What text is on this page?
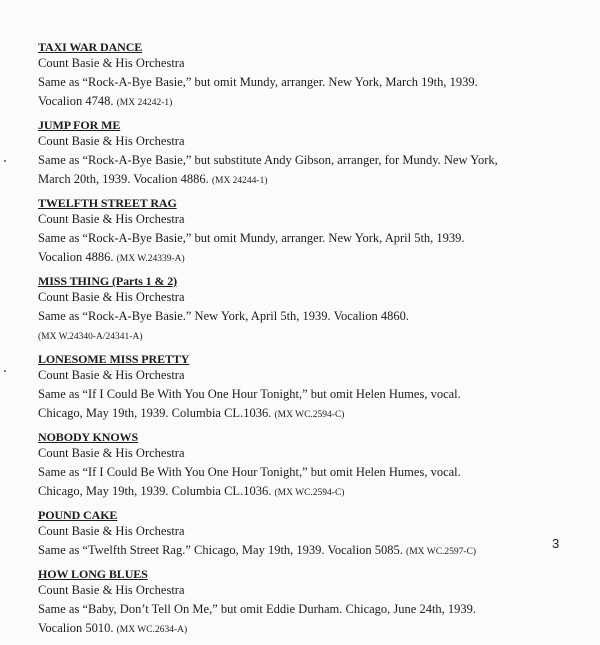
TAXI WAR DANCE
Count Basie & His Orchestra
Same as “Rock-A-Bye Basie,” but omit Mundy, arranger. New York, March 19th, 1939.
Vocalion 4748. (MX 24242-1)
JUMP FOR ME
Count Basie & His Orchestra
Same as “Rock-A-Bye Basie,” but substitute Andy Gibson, arranger, for Mundy. New York,
March 20th, 1939. Vocalion 4886. (MX 24244-1)
TWELFTH STREET RAG
Count Basie & His Orchestra
Same as “Rock-A-Bye Basie,” but omit Mundy, arranger. New York, April 5th, 1939.
Vocalion 4886. (MX W.24339-A)
MISS THING (Parts 1 & 2)
Count Basie & His Orchestra
Same as “Rock-A-Bye Basie.” New York, April 5th, 1939. Vocalion 4860.
(MX W.24340-A/24341-A)
LONESOME MISS PRETTY
Count Basie & His Orchestra
Same as “If I Could Be With You One Hour Tonight,” but omit Helen Humes, vocal.
Chicago, May 19th, 1939. Columbia CL.1036. (MX WC.2594-C)
NOBODY KNOWS
Count Basie & His Orchestra
Same as “If I Could Be With You One Hour Tonight,” but omit Helen Humes, vocal.
Chicago, May 19th, 1939. Columbia CL.1036. (MX WC.2594-C)
POUND CAKE
Count Basie & His Orchestra
Same as “Twelfth Street Rag.” Chicago, May 19th, 1939. Vocalion 5085. (MX WC.2597-C)
HOW LONG BLUES
Count Basie & His Orchestra
Same as “Baby, Don’t Tell On Me,” but omit Eddie Durham. Chicago, June 24th, 1939.
Vocalion 5010. (MX WC.2634-A)
3
